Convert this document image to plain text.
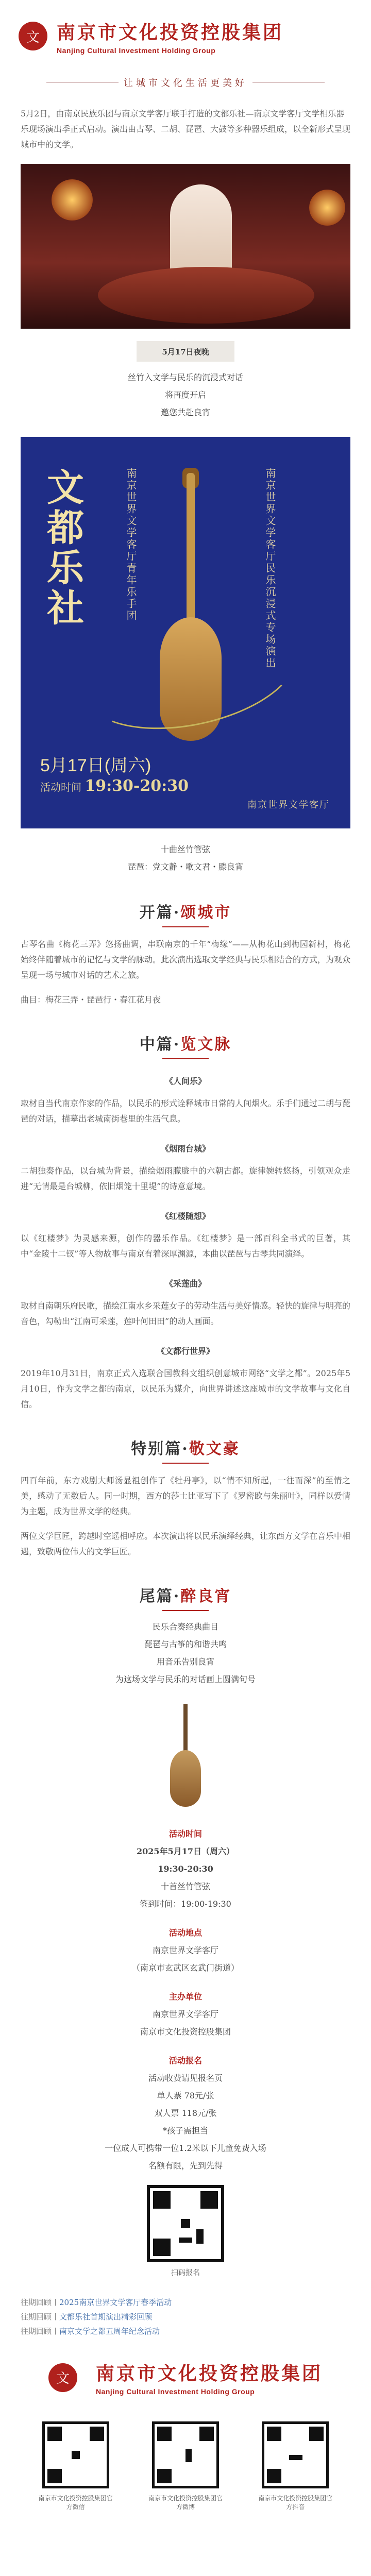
文 南京市文化投资控股集团
Nanjing Cultural Investment Holding Group
让城市文化生活更美好
5月2日，由南京民族乐团与南京文学客厅联手打造的文都乐社—南京文学客厅文学相乐器乐现场演出季正式启动。演出由古琴、二胡、琵琶、大鼓等多种器乐组成，以全新形式呈现城市中的文学。
5月17日夜晚
丝竹入文学与民乐的沉浸式对话
将再度开启
邀您共赴良宵
文都乐社	南京世界文学客厅青年乐手团	南京世界文学客厅民乐沉浸式专场演出
5月17日(周六)
活动时间 19:30-20:30
南京世界文学客厅
十曲丝竹管弦
琵琶：党文静・歌文君・滕良宵
开篇·颂城市
古琴名曲《梅花三弄》悠扬曲调，串联南京的千年“梅缘”——从梅花山到梅园新村，梅花始终伴随着城市的记忆与文学的脉动。此次演出选取文学经典与民乐相结合的方式，为观众呈现一场与城市对话的艺术之旅。
曲目：梅花三弄・琵琶行・春江花月夜
中篇·览文脉
《人间乐》
取材自当代南京作家的作品，以民乐的形式诠释城市日常的人间烟火。乐手们通过二胡与琵琶的对话，描摹出老城南街巷里的生活气息。
《烟雨台城》
二胡独奏作品，以台城为背景，描绘烟雨朦胧中的六朝古都。旋律婉转悠扬，引领观众走进“无情最是台城柳，依旧烟笼十里堤”的诗意意境。
《红楼随想》
以《红楼梦》为灵感来源，创作的器乐作品。《红楼梦》是一部百科全书式的巨著，其中“金陵十二钗”等人物故事与南京有着深厚渊源，本曲以琵琶与古琴共同演绎。
《采莲曲》
取材自南朝乐府民歌，描绘江南水乡采莲女子的劳动生活与美好情感。轻快的旋律与明亮的音色，勾勒出“江南可采莲，莲叶何田田”的动人画面。
《文都行世界》
2019年10月31日，南京正式入选联合国教科文组织创意城市网络“文学之都”。2025年5月10日，作为文学之都的南京，以民乐为媒介，向世界讲述这座城市的文学故事与文化自信。
特别篇·敬文豪
四百年前，东方戏剧大师汤显祖创作了《牡丹亭》，以“情不知所起，一往而深”的至情之美，感动了无数后人。同一时期，西方的莎士比亚写下了《罗密欧与朱丽叶》，同样以爱情为主题，成为世界文学的经典。
两位文学巨匠，跨越时空遥相呼应。本次演出将以民乐演绎经典，让东西方文学在音乐中相遇，致敬两位伟大的文学巨匠。
尾篇·醉良宵
民乐合奏经典曲目
琵琶与古筝的和谐共鸣
用音乐告别良宵
为这场文学与民乐的对话画上圆满句号
活动时间
2025年5月17日（周六）
19:30-20:30
十首丝竹管弦
签到时间：19:00-19:30
活动地点
南京世界文学客厅
（南京市玄武区玄武门街道）
主办单位
南京世界文学客厅
南京市文化投资控股集团
活动报名
活动收费请见报名页
单人票 78元/张
双人票 118元/张
*孩子需担当
一位成人可携带一位1.2米以下儿童免费入场
名额有限，先到先得
扫码报名
往期回顾丨2025南京世界文学客厅春季活动
往期回顾丨文都乐社首期演出精彩回顾
往期回顾丨南京文学之都五周年纪念活动
文	南京市文化投资控股集团
Nanjing Cultural Investment Holding Group
南京市文化投资控股集团官方微信
南京市文化投资控股集团官方微博
南京市文化投资控股集团官方抖音
